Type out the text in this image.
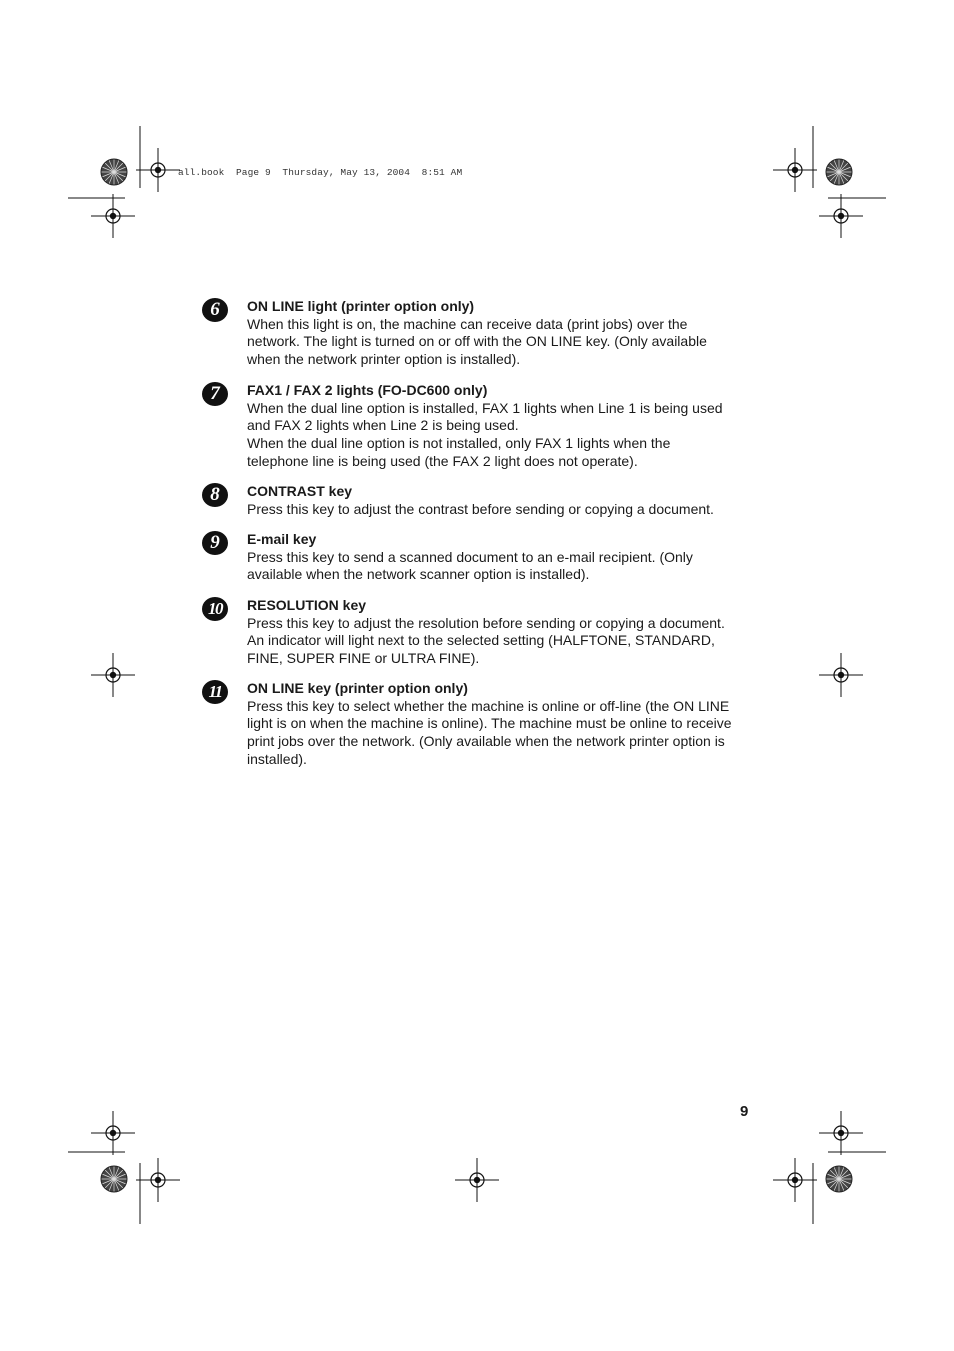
all.book  Page 9  Thursday, May 13, 2004  8:51 AM
6	ON LINE light (printer option only)

When this light is on, the machine can receive data (print jobs) over the

network. The light is turned on or off with the ON LINE key. (Only available

when the network printer option is installed).

7	FAX1 / FAX 2 lights (FO-DC600 only)

When the dual line option is installed, FAX 1 lights when Line 1 is being used

and FAX 2 lights when Line 2 is being used.

When the dual line option is not installed, only FAX 1 lights when the

telephone line is being used (the FAX 2 light does not operate).

8	CONTRAST key

Press this key to adjust the contrast before sending or copying a document.

9	E-mail key

Press this key to send a scanned document to an e-mail recipient. (Only

available when the network scanner option is installed).

10	RESOLUTION key

Press this key to adjust the resolution before sending or copying a document.

An indicator will light next to the selected setting (HALFTONE, STANDARD,

FINE, SUPER FINE or ULTRA FINE).

11	ON LINE key (printer option only)

Press this key to select whether the machine is online or off-line (the ON LINE

light is on when the machine is online). The machine must be online to receive

print jobs over the network. (Only available when the network printer option is

installed).

9
